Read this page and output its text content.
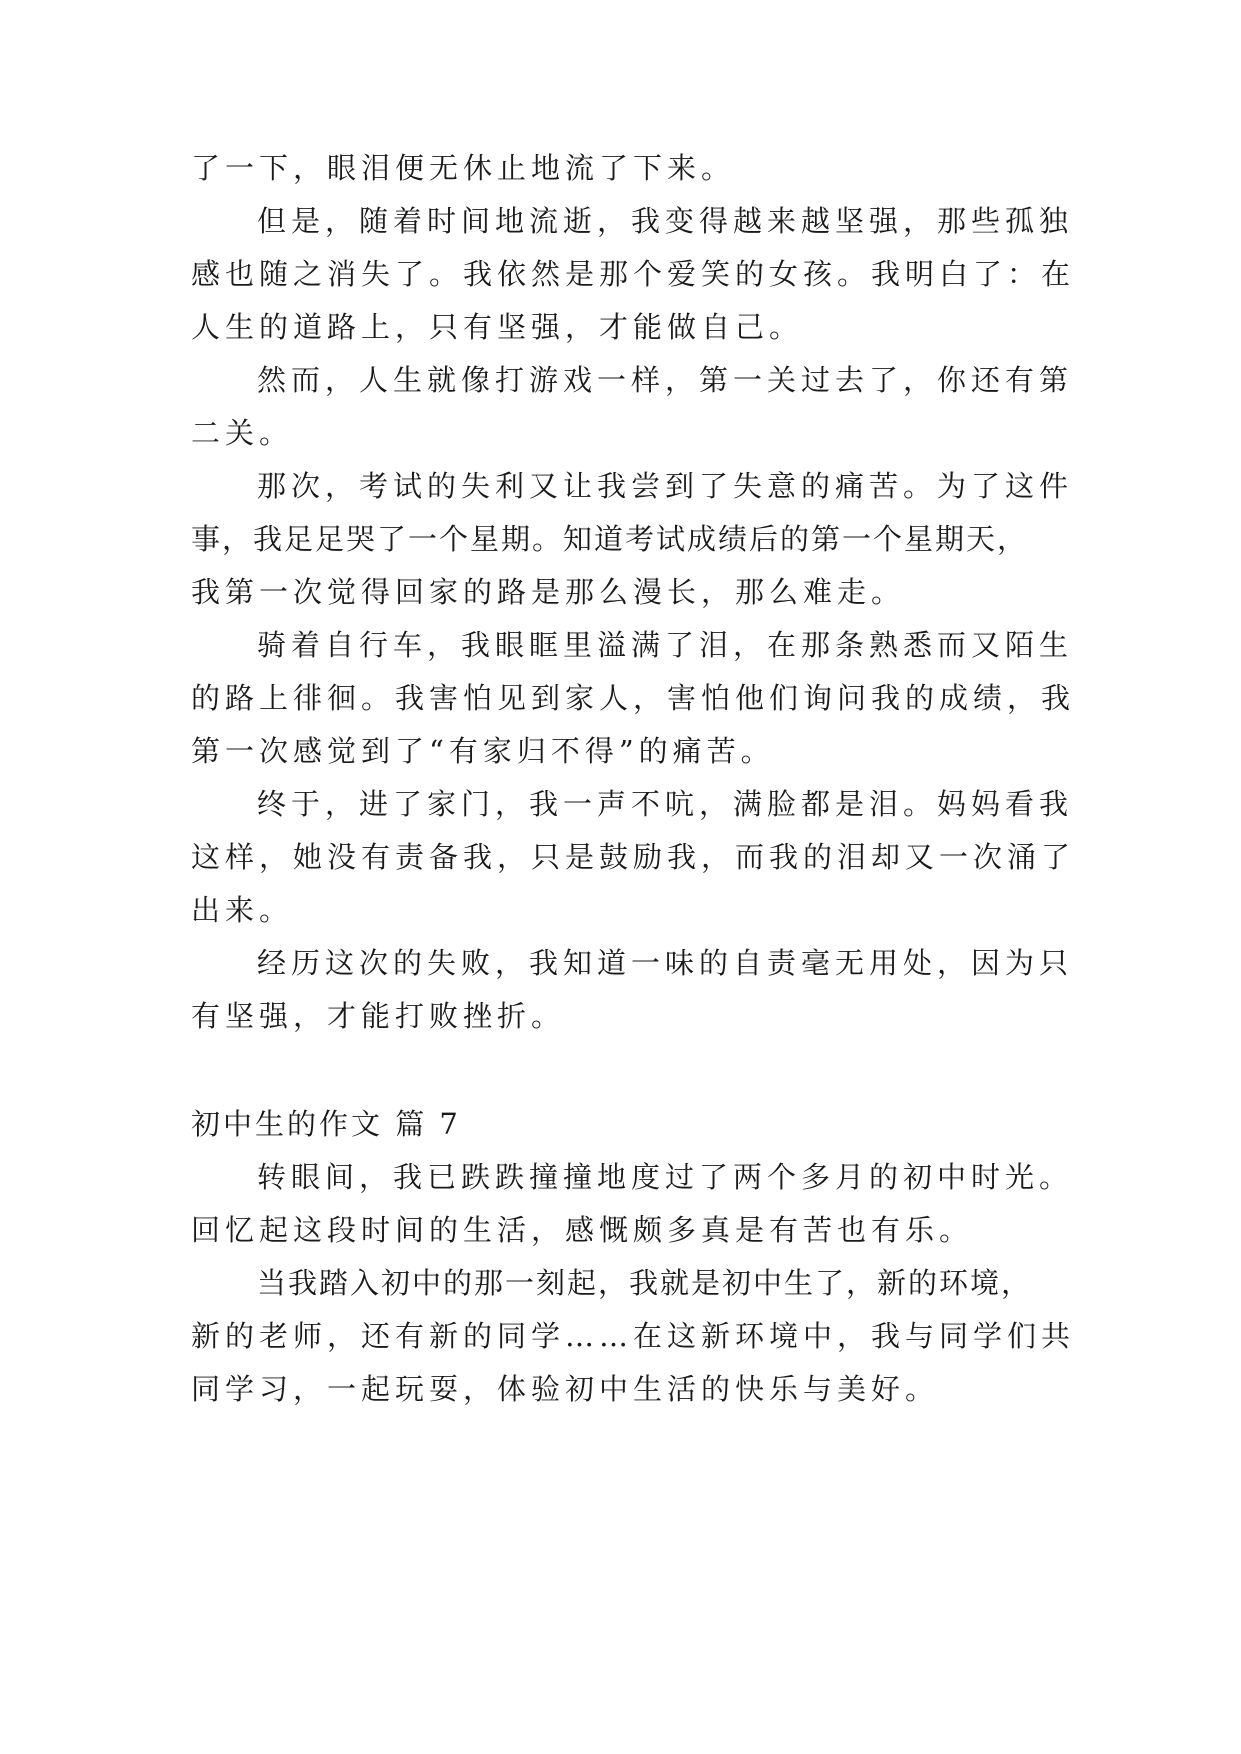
了一下，眼泪便无休止地流了下来。
但是，随着时间地流逝，我变得越来越坚强，那些孤独
感也随之消失了。我依然是那个爱笑的女孩。我明白了：在
人生的道路上，只有坚强，才能做自己。
然而，人生就像打游戏一样，第一关过去了，你还有第
二关。
那次，考试的失利又让我尝到了失意的痛苦。为了这件
事，我足足哭了一个星期。知道考试成绩后的第一个星期天，
我第一次觉得回家的路是那么漫长，那么难走。
骑着自行车，我眼眶里溢满了泪，在那条熟悉而又陌生
的路上徘徊。我害怕见到家人，害怕他们询问我的成绩，我
第一次感觉到了“有家归不得”的痛苦。
终于，进了家门，我一声不吭，满脸都是泪。妈妈看我
这样，她没有责备我，只是鼓励我，而我的泪却又一次涌了
出来。
经历这次的失败，我知道一味的自责毫无用处，因为只
有坚强，才能打败挫折。
初中生的作文 篇 7
转眼间，我已跌跌撞撞地度过了两个多月的初中时光。
回忆起这段时间的生活，感慨颇多真是有苦也有乐。
当我踏入初中的那一刻起，我就是初中生了，新的环境，
新的老师，还有新的同学……在这新环境中，我与同学们共
同学习，一起玩耍，体验初中生活的快乐与美好。
